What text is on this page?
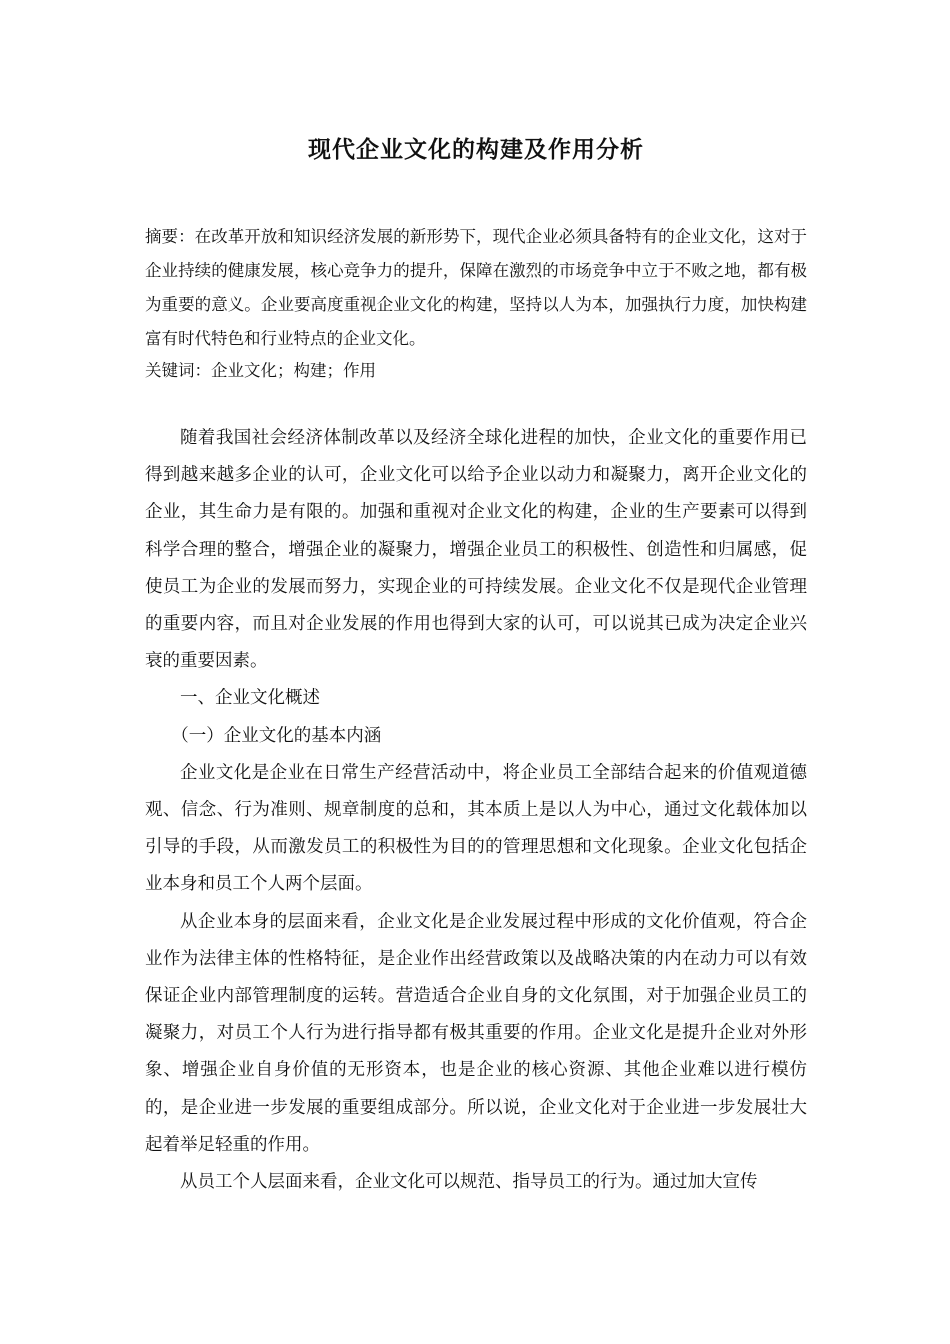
现代企业文化的构建及作用分析

摘要：在改革开放和知识经济发展的新形势下，现代企业必须具备特有的企业文化，这对于企业持续的健康发展，核心竞争力的提升，保障在激烈的市场竞争中立于不败之地，都有极为重要的意义。企业要高度重视企业文化的构建，坚持以人为本，加强执行力度，加快构建富有时代特色和行业特点的企业文化。

关键词：企业文化；构建；作用

随着我国社会经济体制改革以及经济全球化进程的加快，企业文化的重要作用已得到越来越多企业的认可，企业文化可以给予企业以动力和凝聚力，离开企业文化的企业，其生命力是有限的。加强和重视对企业文化的构建，企业的生产要素可以得到科学合理的整合，增强企业的凝聚力，增强企业员工的积极性、创造性和归属感，促使员工为企业的发展而努力，实现企业的可持续发展。企业文化不仅是现代企业管理的重要内容，而且对企业发展的作用也得到大家的认可，可以说其已成为决定企业兴衰的重要因素。

一、企业文化概述

（一）企业文化的基本内涵

企业文化是企业在日常生产经营活动中，将企业员工全部结合起来的价值观道德观、信念、行为准则、规章制度的总和，其本质上是以人为中心，通过文化载体加以引导的手段，从而激发员工的积极性为目的的管理思想和文化现象。企业文化包括企业本身和员工个人两个层面。

从企业本身的层面来看，企业文化是企业发展过程中形成的文化价值观，符合企业作为法律主体的性格特征，是企业作出经营政策以及战略决策的内在动力可以有效保证企业内部管理制度的运转。营造适合企业自身的文化氛围，对于加强企业员工的凝聚力，对员工个人行为进行指导都有极其重要的作用。企业文化是提升企业对外形象、增强企业自身价值的无形资本，也是企业的核心资源、其他企业难以进行模仿的，是企业进一步发展的重要组成部分。所以说，企业文化对于企业进一步发展壮大起着举足轻重的作用。

从员工个人层面来看，企业文化可以规范、指导员工的行为。通过加大宣传
